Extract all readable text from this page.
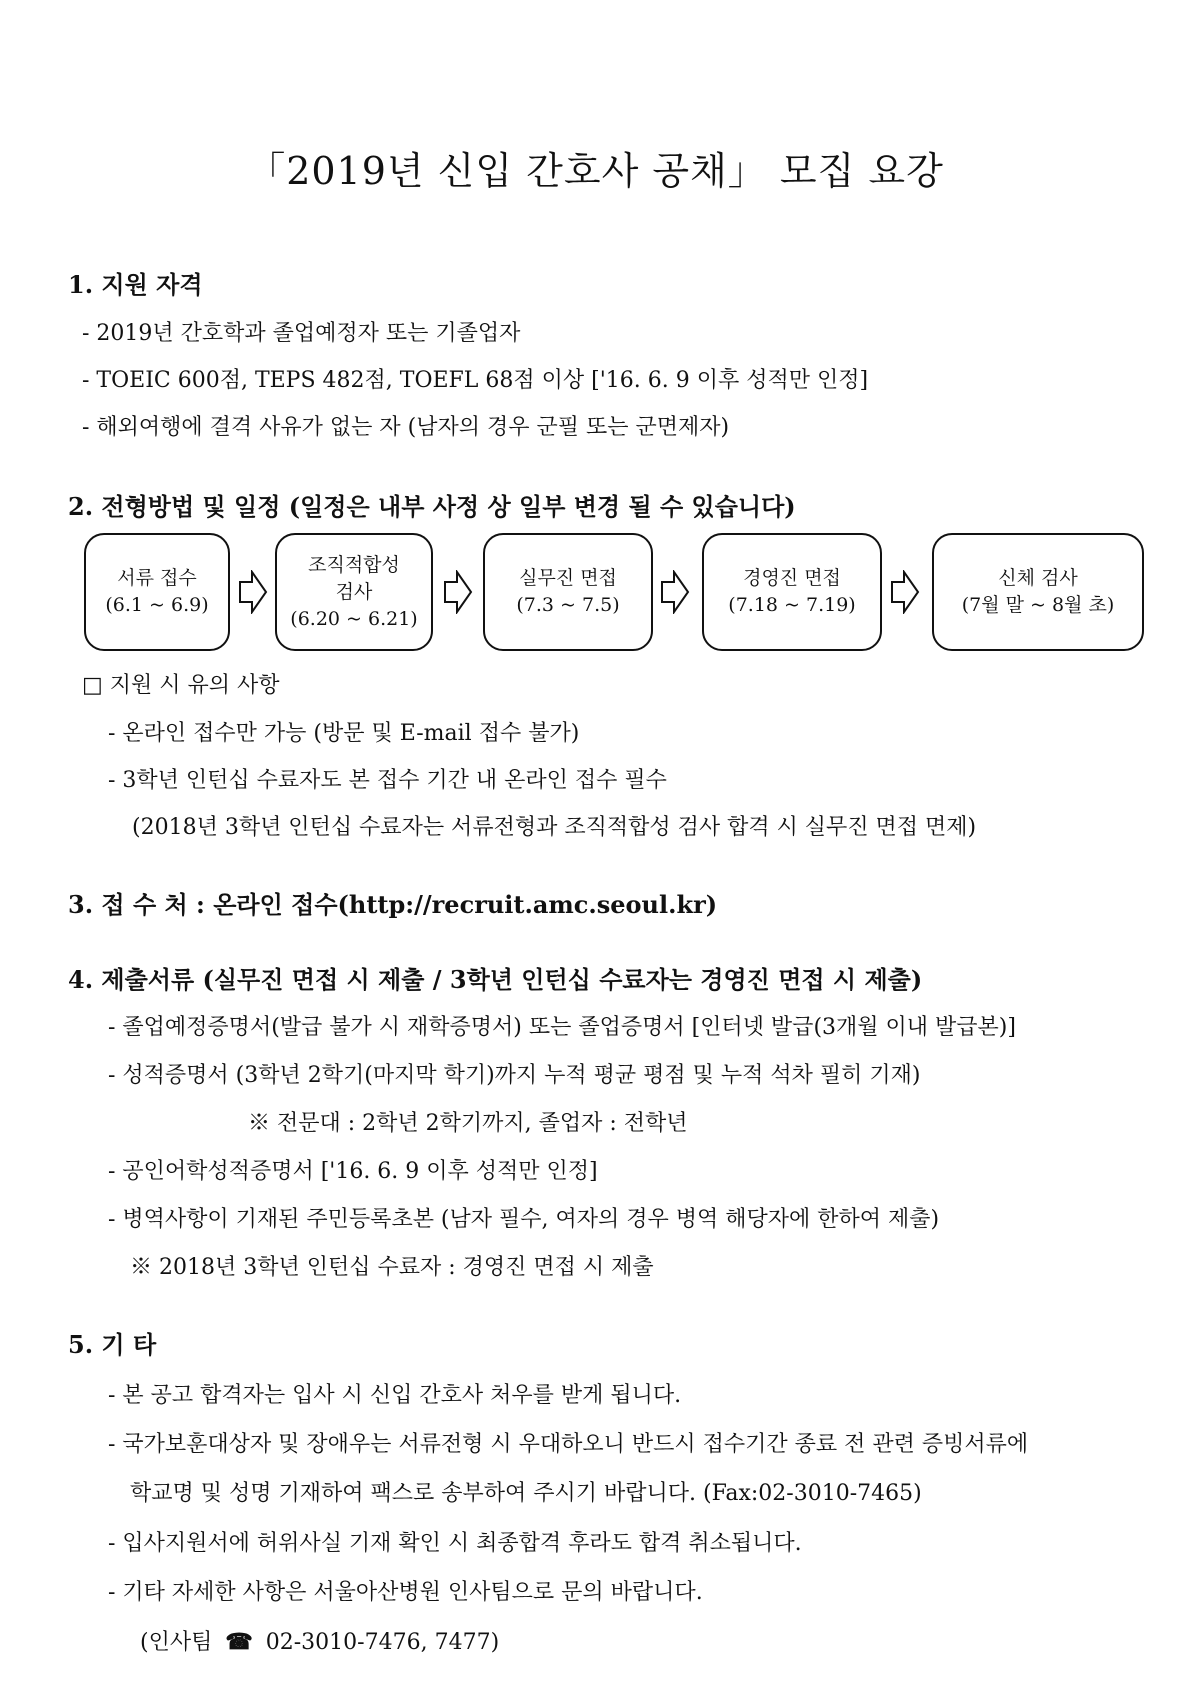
「2019년 신입 간호사 공채」 모집 요강
1. 지원 자격
- 2019년 간호학과 졸업예정자 또는 기졸업자
- TOEIC 600점, TEPS 482점, TOEFL 68점 이상 ['16. 6. 9 이후 성적만 인정]
- 해외여행에 결격 사유가 없는 자 (남자의 경우 군필 또는 군면제자)
2. 전형방법 및 일정 (일정은 내부 사정 상 일부 변경 될 수 있습니다)
서류 접수
(6.1 ~ 6.9)
조직적합성
검사
(6.20 ~ 6.21)
실무진 면접
(7.3 ~ 7.5)
경영진 면접
(7.18 ~ 7.19)
신체 검사
(7월 말 ~ 8월 초)
□ 지원 시 유의 사항
- 온라인 접수만 가능 (방문 및 E-mail 접수 불가)
- 3학년 인턴십 수료자도 본 접수 기간 내 온라인 접수 필수
(2018년 3학년 인턴십 수료자는 서류전형과 조직적합성 검사 합격 시 실무진 면접 면제)
3. 접 수 처 : 온라인 접수(http://recruit.amc.seoul.kr)
4. 제출서류 (실무진 면접 시 제출 / 3학년 인턴십 수료자는 경영진 면접 시 제출)
- 졸업예정증명서(발급 불가 시 재학증명서) 또는 졸업증명서 [인터넷 발급(3개월 이내 발급본)]
- 성적증명서 (3학년 2학기(마지막 학기)까지 누적 평균 평점 및 누적 석차 필히 기재)
※ 전문대 : 2학년 2학기까지, 졸업자 : 전학년
- 공인어학성적증명서 ['16. 6. 9 이후 성적만 인정]
- 병역사항이 기재된 주민등록초본 (남자 필수, 여자의 경우 병역 해당자에 한하여 제출)
※ 2018년 3학년 인턴십 수료자 : 경영진 면접 시 제출
5. 기 타
- 본 공고 합격자는 입사 시 신입 간호사 처우를 받게 됩니다.
- 국가보훈대상자 및 장애우는 서류전형 시 우대하오니 반드시 접수기간 종료 전 관련 증빙서류에
학교명 및 성명 기재하여 팩스로 송부하여 주시기 바랍니다. (Fax:02-3010-7465)
- 입사지원서에 허위사실 기재 확인 시 최종합격 후라도 합격 취소됩니다.
- 기타 자세한 사항은 서울아산병원 인사팀으로 문의 바랍니다.
(인사팀 ☎ 02-3010-7476, 7477)
